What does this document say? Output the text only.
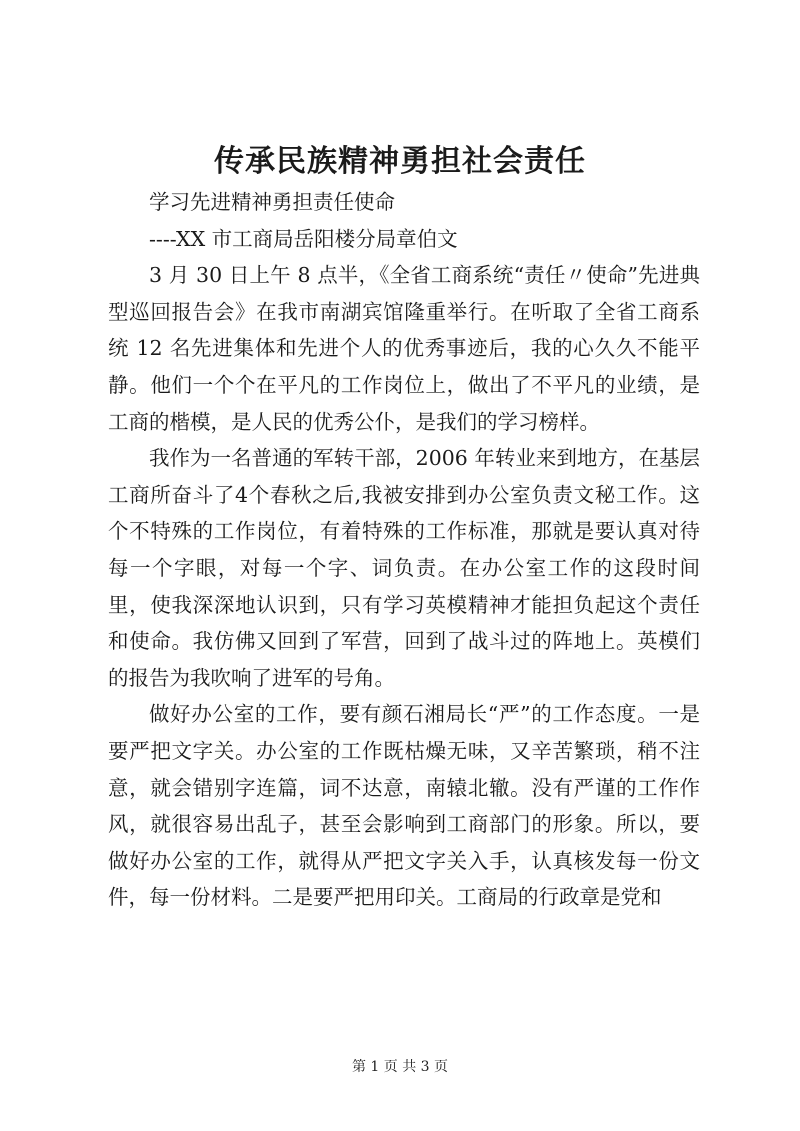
传承民族精神勇担社会责任

学习先进精神勇担责任使命

----XX 市工商局岳阳楼分局章伯文

3 月 30 日上午 8 点半，《全省工商系统“责任〃使命”先进典型巡回报告会》在我市南湖宾馆隆重举行。在听取了全省工商系统 12 名先进集体和先进个人的优秀事迹后，我的心久久不能平静。他们一个个在平凡的工作岗位上，做出了不平凡的业绩，是工商的楷模，是人民的优秀公仆，是我们的学习榜样。

我作为一名普通的军转干部，2006 年转业来到地方，在基层工商所奋斗了4个春秋之后,我被安排到办公室负责文秘工作。这个不特殊的工作岗位，有着特殊的工作标准，那就是要认真对待每一个字眼，对每一个字、词负责。在办公室工作的这段时间里，使我深深地认识到，只有学习英模精神才能担负起这个责任和使命。我仿佛又回到了军营，回到了战斗过的阵地上。英模们的报告为我吹响了进军的号角。

做好办公室的工作，要有颜石湘局长“严”的工作态度。一是要严把文字关。办公室的工作既枯燥无味，又辛苦繁琐，稍不注意，就会错别字连篇，词不达意，南辕北辙。没有严谨的工作作风，就很容易出乱子，甚至会影响到工商部门的形象。所以，要做好办公室的工作，就得从严把文字关入手，认真核发每一份文件，每一份材料。二是要严把用印关。工商局的行政章是党和

第 1 页 共 3 页
